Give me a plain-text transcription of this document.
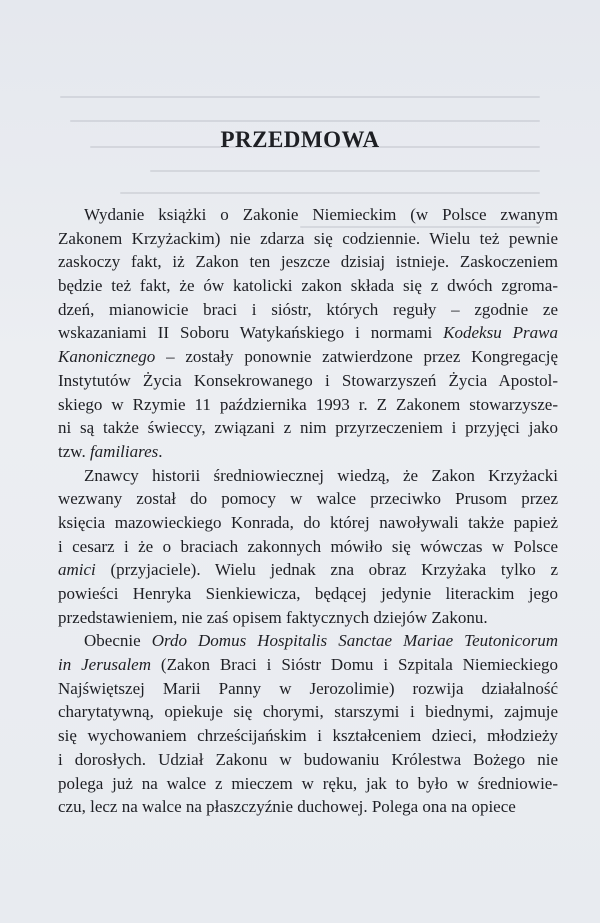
PRZEDMOWA
Wydanie książki o Zakonie Niemieckim (w Polsce zwanym
Zakonem Krzyżackim) nie zdarza się codziennie. Wielu też pewnie
zaskoczy fakt, iż Zakon ten jeszcze dzisiaj istnieje. Zaskoczeniem
będzie też fakt, że ów katolicki zakon składa się z dwóch zgroma-
dzeń, mianowicie braci i sióstr, których reguły – zgodnie ze
wskazaniami II Soboru Watykańskiego i normami Kodeksu Prawa
Kanonicznego – zostały ponownie zatwierdzone przez Kongregację
Instytutów Życia Konsekrowanego i Stowarzyszeń Życia Apostol-
skiego w Rzymie 11 października 1993 r. Z Zakonem stowarzysze-
ni są także świeccy, związani z nim przyrzeczeniem i przyjęci jako
tzw. familiares.
Znawcy historii średniowiecznej wiedzą, że Zakon Krzyżacki
wezwany został do pomocy w walce przeciwko Prusom przez
księcia mazowieckiego Konrada, do której nawoływali także papież
i cesarz i że o braciach zakonnych mówiło się wówczas w Polsce
amici (przyjaciele). Wielu jednak zna obraz Krzyżaka tylko z
powieści Henryka Sienkiewicza, będącej jedynie literackim jego
przedstawieniem, nie zaś opisem faktycznych dziejów Zakonu.
Obecnie Ordo Domus Hospitalis Sanctae Mariae Teutonicorum
in Jerusalem (Zakon Braci i Sióstr Domu i Szpitala Niemieckiego
Najświętszej Marii Panny w Jerozolimie) rozwija działalność
charytatywną, opiekuje się chorymi, starszymi i biednymi, zajmuje
się wychowaniem chrześcijańskim i kształceniem dzieci, młodzieży
i dorosłych. Udział Zakonu w budowaniu Królestwa Bożego nie
polega już na walce z mieczem w ręku, jak to było w średniowie-
czu, lecz na walce na płaszczyźnie duchowej. Polega ona na opiece
